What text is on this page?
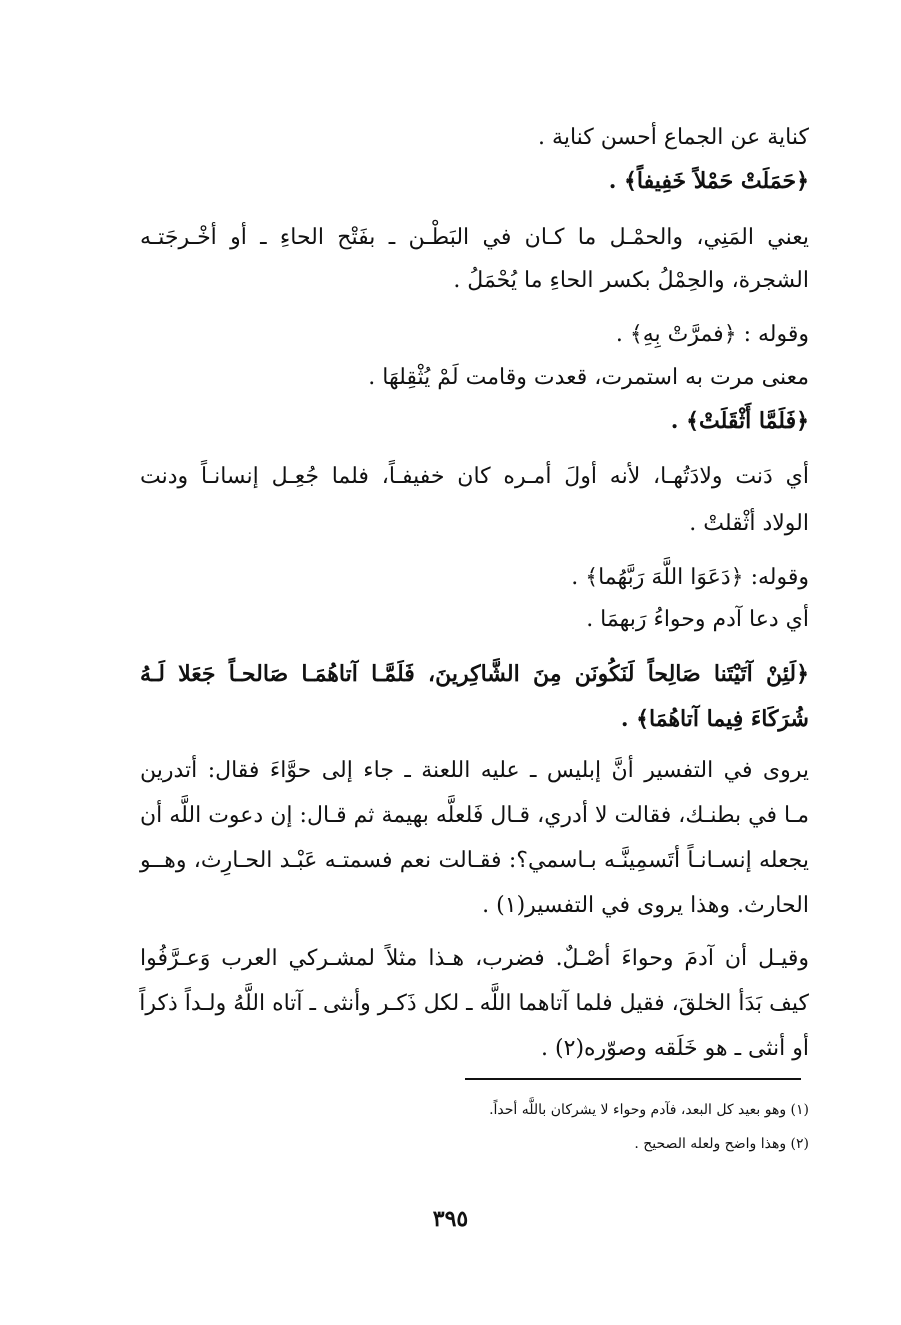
كناية عن الجماع أحسن كناية .
﴿حَمَلَتْ حَمْلاً خَفِيفاً﴾ .
يعني المَنِي، والحمْـل ما كـان في البَطْـن ـ بفَتْح الحاءِ ـ أو أخْـرجَتـه
الشجرة، والحِمْلُ بكسر الحاءِ ما يُحْمَلُ .
وقوله : ﴿فمرَّتْ بِهِ﴾ .
معنى مرت به استمرت، قعدت وقامت لَمْ يُثْقِلهَا .
﴿فَلَمَّا أَثْقَلَتْ﴾ .
أي دَنت ولادَتُهـا، لأنه أولَ أمـره كان خفيفـاً، فلما جُعِـل إنسانـاً ودنت
الولاد أثْقلتْ .
وقوله: ﴿دَعَوَا اللَّهَ رَبَّهُما﴾ .
أي دعا آدم وحواءُ رَبهمَا .
﴿لَئِنْ آتَيْتَنا صَالِحاً لَنَكُونَن مِنَ الشَّاكِرينَ، فَلَمَّـا آتاهُمَـا صَالحـاً جَعَلا لَـهُ
شُرَكَاءَ فِيما آتاهُمَا﴾ .
يروى في التفسير أنَّ إبليس ـ عليه اللعنة ـ جاء إلى حوَّاءَ فقال: أتدرين
مـا في بطنـك، فقالت لا أدري، قـال فَلعلَّه بهيمة ثم قـال: إن دعوت اللَّه أن
يجعله إنسـانـاً أتَسمِينَّـه بـاسمي؟: فقـالت نعم فسمتـه عَبْـد الحـارِث، وهــو
الحارث. وهذا يروى في التفسير(١) .
وقيـل أن آدمَ وحواءَ أصْـلٌ. فضرب، هـذا مثلاً لمشـركي العرب وَعـرَّفُوا
كيف بَدَأ الخلقَ، فقيل فلما آتاهما اللَّه ـ لكل ذَكـر وأنثى ـ آتاه اللَّهُ ولـداً ذكراً
أو أنثى ـ هو خَلَقه وصوّره(٢) .
(١) وهو بعيد كل البعد، فآدم وحواء لا يشركان باللَّه أحداً.
(٢) وهذا واضح ولعله الصحيح .
٣٩٥
